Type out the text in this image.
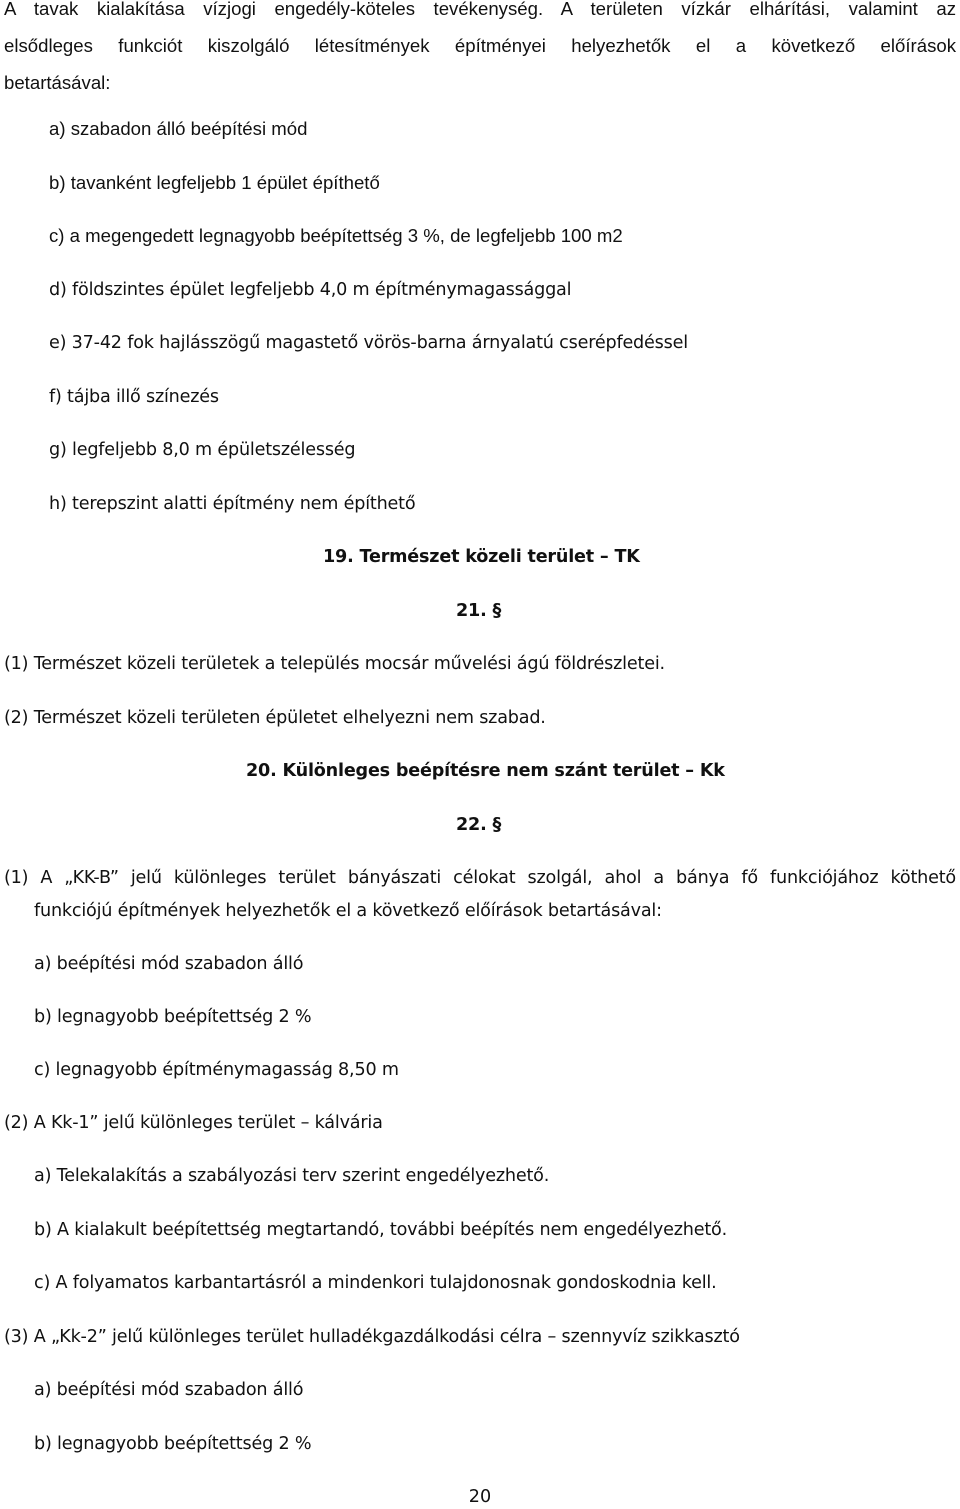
A tavak kialakítása vízjogi engedély-köteles tevékenység. A területen vízkár elhárítási, valamint az
elsődleges funkciót kiszolgáló létesítmények építményei helyezhetők el a következő előírások
betartásával:
a) szabadon álló beépítési mód
b) tavanként legfeljebb 1 épület építhető
c) a megengedett legnagyobb beépítettség 3 %, de legfeljebb 100 m2
d) földszintes épület legfeljebb 4,0 m építménymagassággal
e) 37-42 fok hajlásszögű magastető vörös-barna árnyalatú cserépfedéssel
f) tájba illő színezés
g) legfeljebb 8,0 m épületszélesség
h) terepszint alatti építmény nem építhető
19. Természet közeli terület – TK
21. §
(1) Természet közeli területek a település mocsár művelési ágú földrészletei.
(2) Természet közeli területen épületet elhelyezni nem szabad.
20. Különleges beépítésre nem szánt terület – Kk
22. §
(1) A „KK-B” jelű különleges terület bányászati célokat szolgál, ahol a bánya fő funkciójához köthető
funkciójú építmények helyezhetők el a következő előírások betartásával:
a) beépítési mód szabadon álló
b) legnagyobb beépítettség 2 %
c) legnagyobb építménymagasság 8,50 m
(2) A Kk-1” jelű különleges terület – kálvária
a) Telekalakítás a szabályozási terv szerint engedélyezhető.
b) A kialakult beépítettség megtartandó, további beépítés nem engedélyezhető.
c) A folyamatos karbantartásról a mindenkori tulajdonosnak gondoskodnia kell.
(3) A „Kk-2” jelű különleges terület hulladékgazdálkodási célra – szennyvíz szikkasztó
a) beépítési mód szabadon álló
b) legnagyobb beépítettség 2 %
20
